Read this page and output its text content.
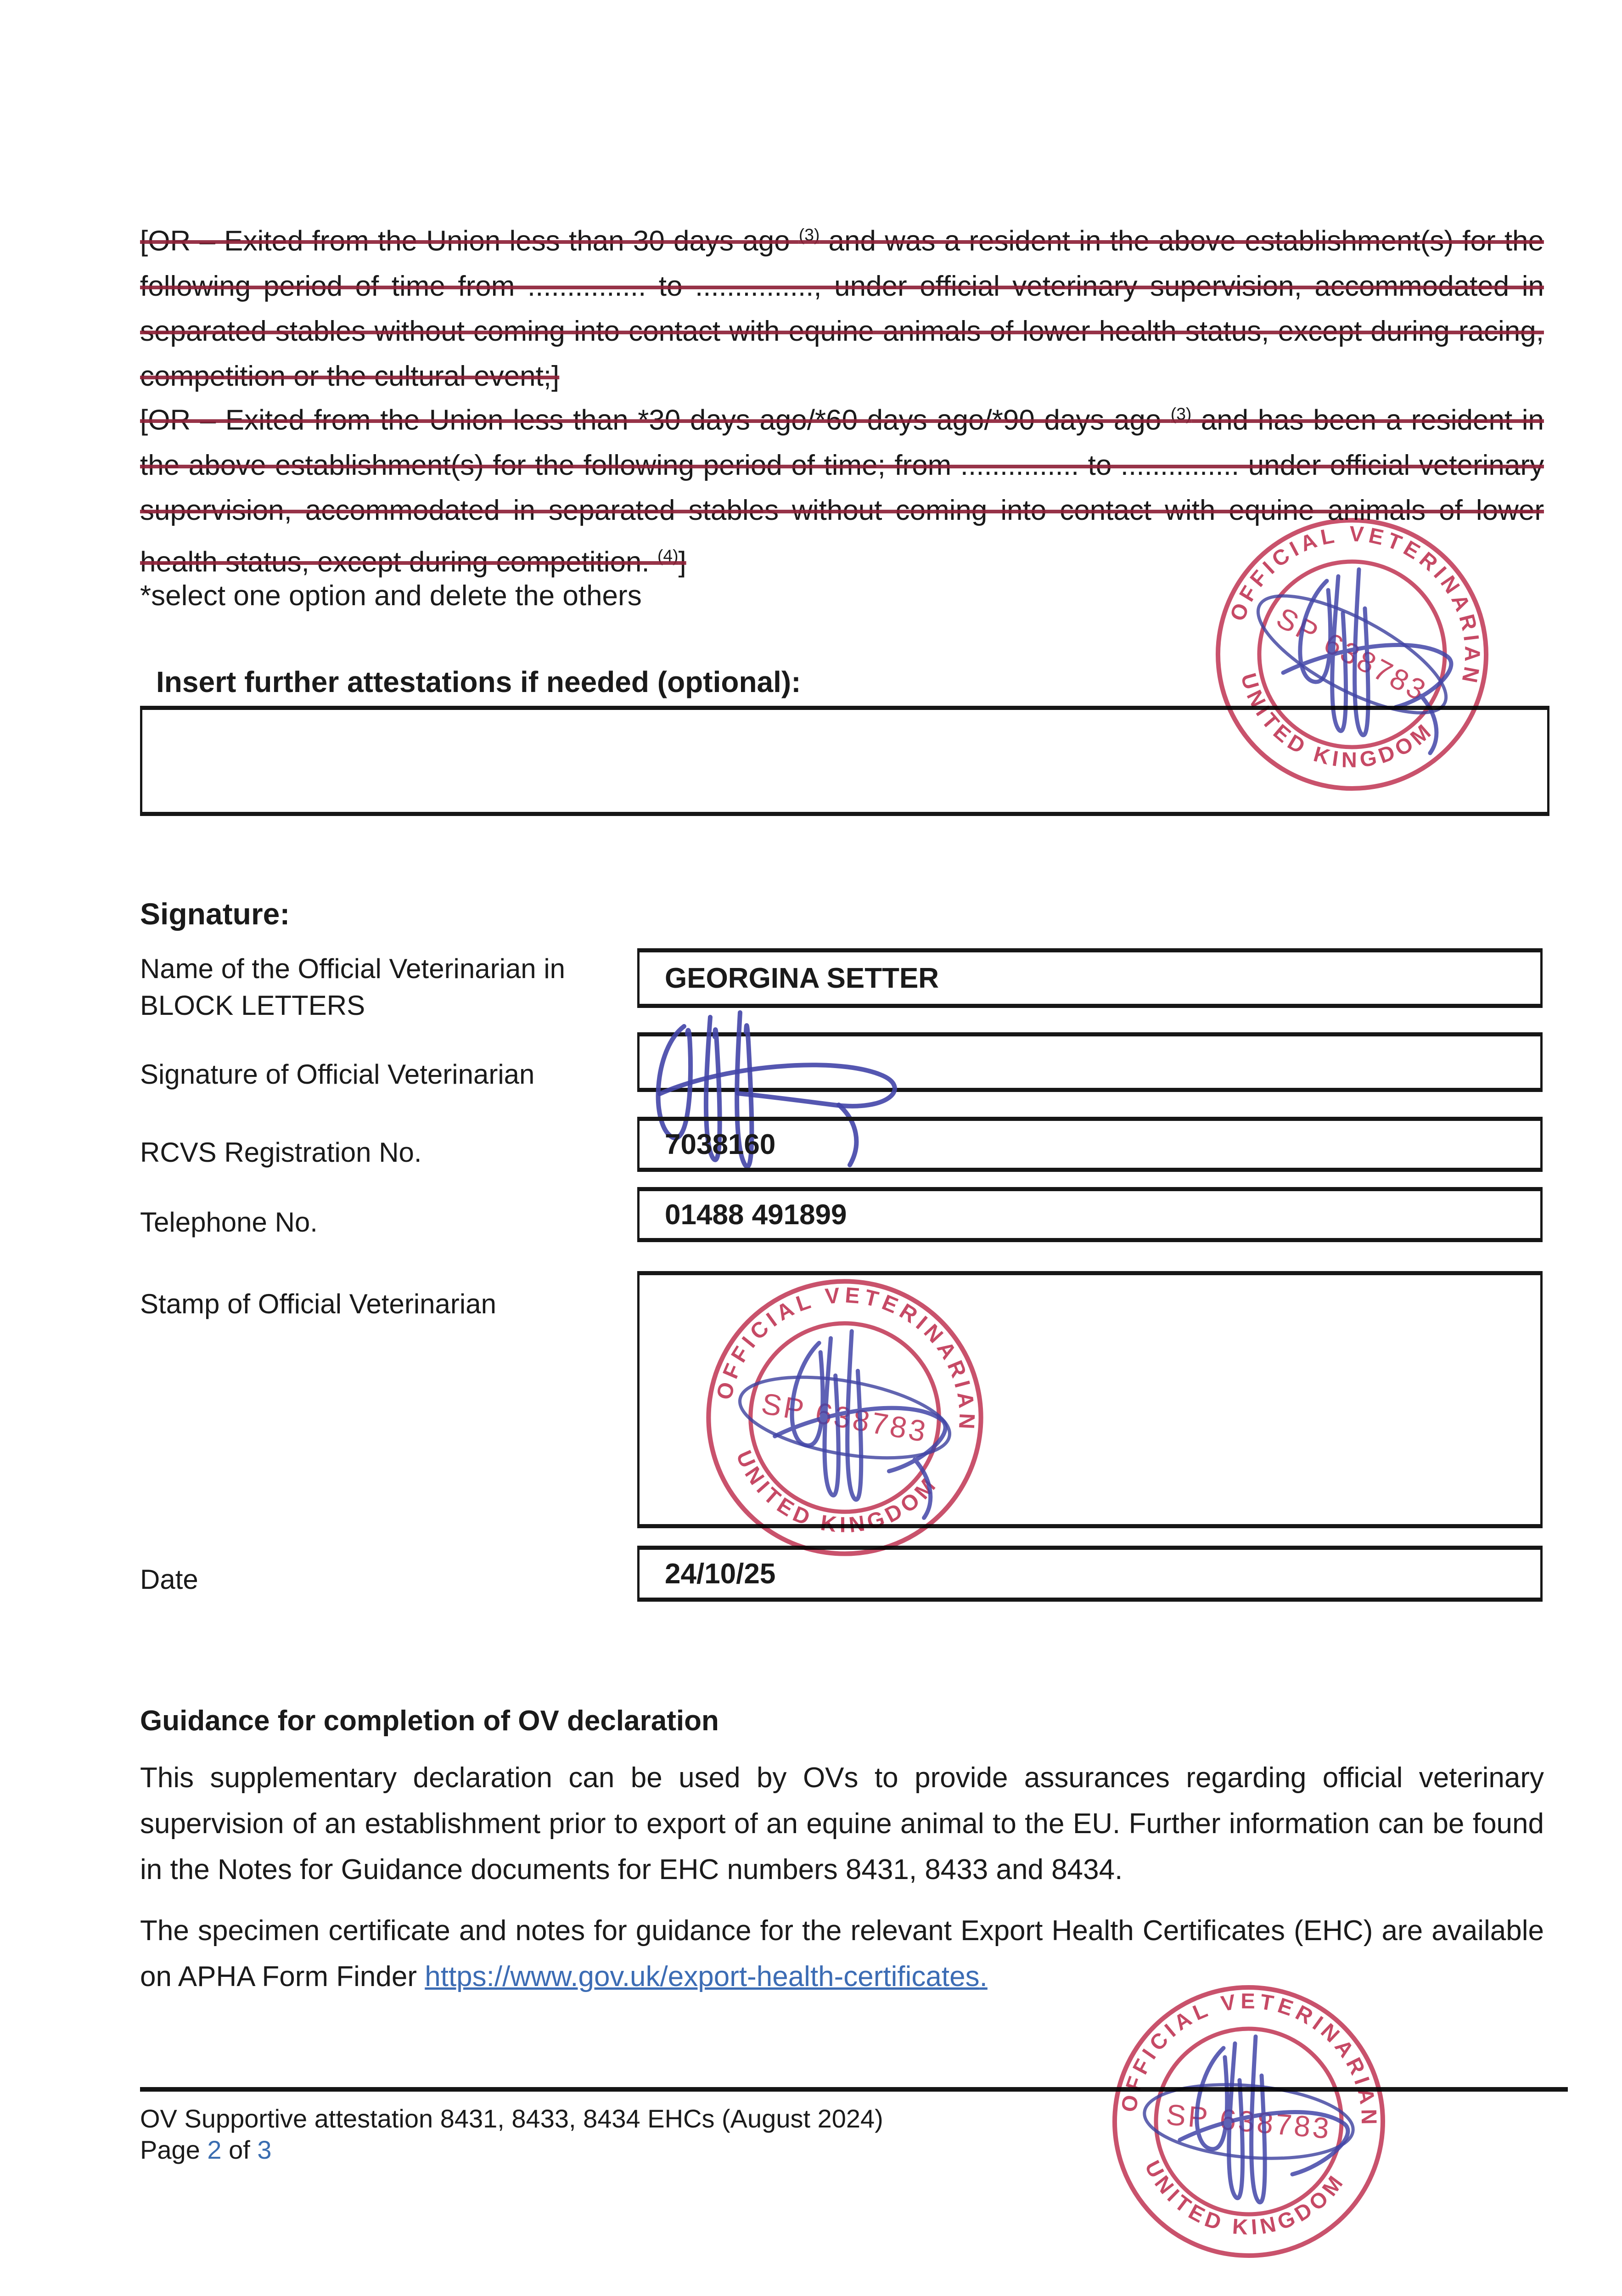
[OR – Exited from the Union less than 30 days ago $^{(3)}$ and was a resident in the above establishment(s) for the following period of time from ............... to ..............., under official veterinary supervision, accommodated in separated stables without coming into contact with equine animals of lower health status, except during racing, competition or the cultural event;]

[OR – Exited from the Union less than *30 days ago/*60 days ago/*90 days ago $^{(3)}$ and has been a resident in the above establishment(s) for the following period of time; from ............... to ............... under official veterinary supervision, accommodated in separated stables without coming into contact with equine animals of lower health status, except during competition. $^{(4)}$]

*select one option and delete the others

Insert further attestations if needed (optional):
Signature:
Name of the Official Veterinarian in BLOCK LETTERS
GEORGINA SETTER
Signature of Official Veterinarian
RCVS Registration No.	7038160
Telephone No.	01488 491899
Stamp of Official Veterinarian
Date	24/10/25
Guidance for completion of OV declaration

This supplementary declaration can be used by OVs to provide assurances regarding official veterinary supervision of an establishment prior to export of an equine animal to the EU. Further information can be found in the Notes for Guidance documents for EHC numbers 8431, 8433 and 8434.

The specimen certificate and notes for guidance for the relevant Export Health Certificates (EHC) are available on APHA Form Finder https://www.gov.uk/export-health-certificates.

OV Supportive attestation 8431, 8433, 8434 EHCs (August 2024)
Page 2 of 3
OFFICIAL VETERINARIAN
UNITED KINGDOM
SP 638783
OFFICIAL VETERINARIAN
UNITED KINGDOM
SP 638783
OFFICIAL VETERINARIAN
UNITED KINGDOM
SP 638783
